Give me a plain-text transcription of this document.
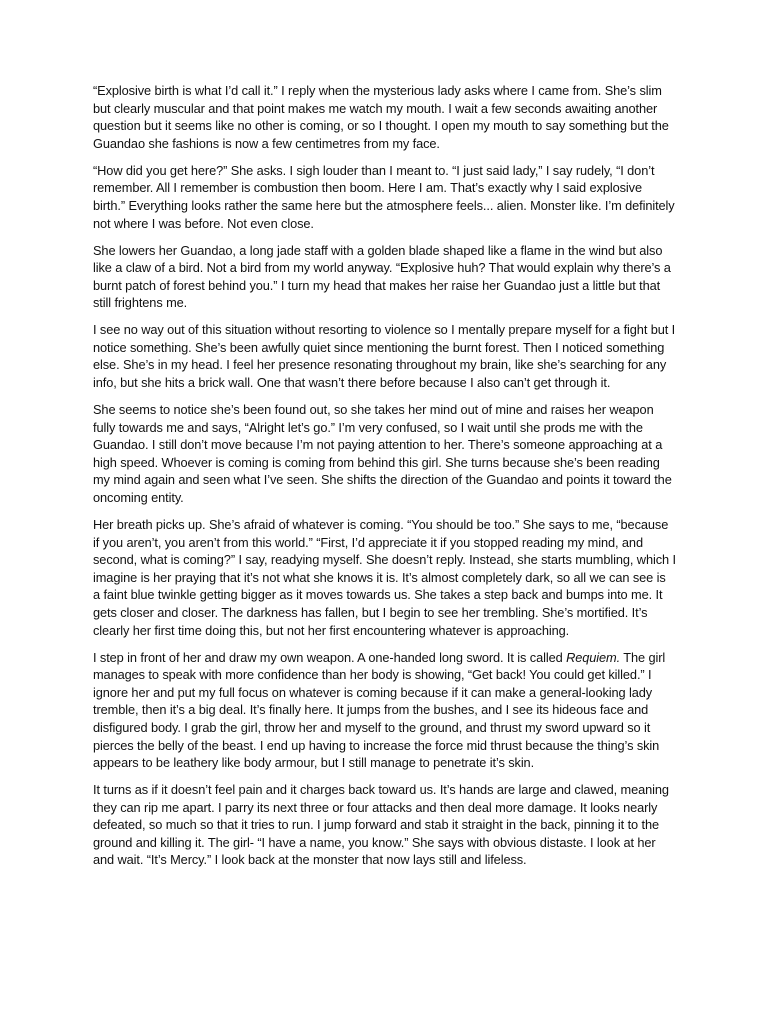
“Explosive birth is what I’d call it.” I reply when the mysterious lady asks where I came from. She’s slim but clearly muscular and that point makes me watch my mouth. I wait a few seconds awaiting another question but it seems like no other is coming, or so I thought. I open my mouth to say something but the Guandao she fashions is now a few centimetres from my face.

“How did you get here?” She asks. I sigh louder than I meant to. “I just said lady,” I say rudely, “I don’t remember. All I remember is combustion then boom. Here I am. That’s exactly why I said explosive birth.” Everything looks rather the same here but the atmosphere feels... alien. Monster like. I’m definitely not where I was before. Not even close.

She lowers her Guandao, a long jade staff with a golden blade shaped like a flame in the wind but also like a claw of a bird. Not a bird from my world anyway. “Explosive huh? That would explain why there’s a burnt patch of forest behind you.” I turn my head that makes her raise her Guandao just a little but that still frightens me.

I see no way out of this situation without resorting to violence so I mentally prepare myself for a fight but I notice something. She’s been awfully quiet since mentioning the burnt forest. Then I noticed something else. She’s in my head. I feel her presence resonating throughout my brain, like she’s searching for any info, but she hits a brick wall. One that wasn’t there before because I also can’t get through it.

She seems to notice she’s been found out, so she takes her mind out of mine and raises her weapon fully towards me and says, “Alright let’s go.” I’m very confused, so I wait until she prods me with the Guandao. I still don’t move because I’m not paying attention to her. There’s someone approaching at a high speed. Whoever is coming is coming from behind this girl. She turns because she’s been reading my mind again and seen what I’ve seen. She shifts the direction of the Guandao and points it toward the oncoming entity.

Her breath picks up. She’s afraid of whatever is coming. “You should be too.” She says to me, “because if you aren’t, you aren’t from this world.” “First, I’d appreciate it if you stopped reading my mind, and second, what is coming?” I say, readying myself. She doesn’t reply. Instead, she starts mumbling, which I imagine is her praying that it’s not what she knows it is. It’s almost completely dark, so all we can see is a faint blue twinkle getting bigger as it moves towards us. She takes a step back and bumps into me. It gets closer and closer. The darkness has fallen, but I begin to see her trembling. She’s mortified. It’s clearly her first time doing this, but not her first encountering whatever is approaching.

I step in front of her and draw my own weapon. A one-handed long sword. It is called Requiem. The girl manages to speak with more confidence than her body is showing, “Get back! You could get killed.” I ignore her and put my full focus on whatever is coming because if it can make a general-looking lady tremble, then it’s a big deal. It’s finally here. It jumps from the bushes, and I see its hideous face and disfigured body. I grab the girl, throw her and myself to the ground, and thrust my sword upward so it pierces the belly of the beast. I end up having to increase the force mid thrust because the thing’s skin appears to be leathery like body armour, but I still manage to penetrate it’s skin.

It turns as if it doesn’t feel pain and it charges back toward us. It’s hands are large and clawed, meaning they can rip me apart. I parry its next three or four attacks and then deal more damage. It looks nearly defeated, so much so that it tries to run. I jump forward and stab it straight in the back, pinning it to the ground and killing it. The girl- “I have a name, you know.” She says with obvious distaste. I look at her and wait. “It’s Mercy.” I look back at the monster that now lays still and lifeless.
